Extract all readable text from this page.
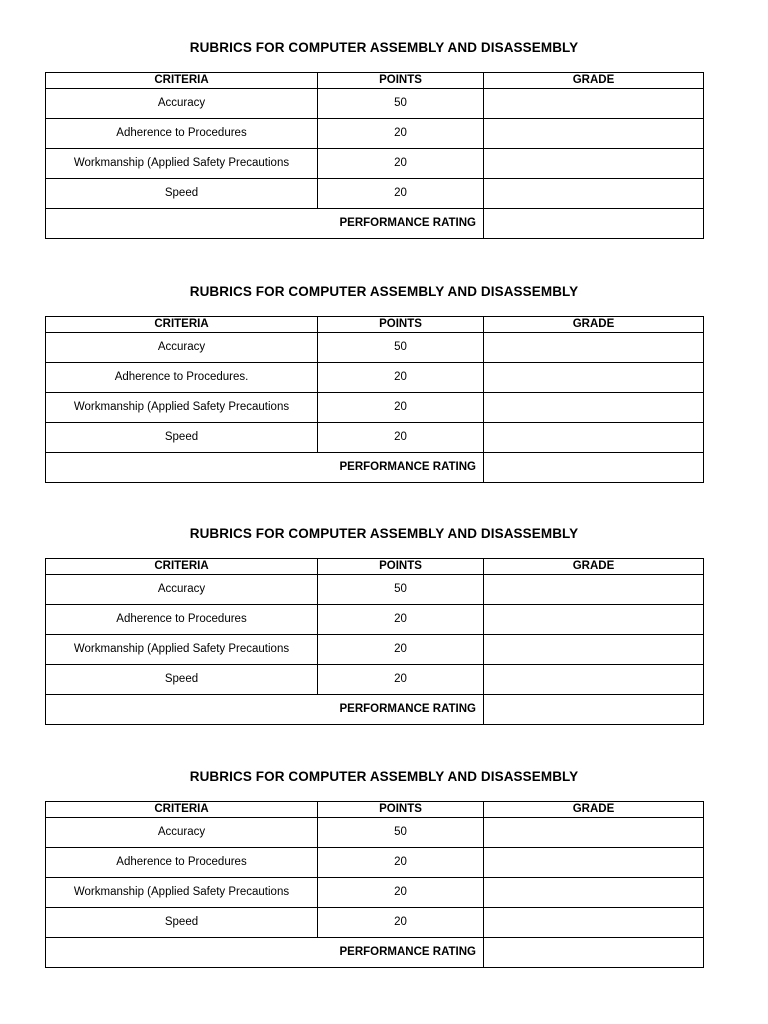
RUBRICS FOR COMPUTER ASSEMBLY AND DISASSEMBLY
CRITERIA	POINTS	GRADE
Accuracy	50	
Adherence to Procedures	20	
Workmanship (Applied Safety Precautions	20	
Speed	20	
PERFORMANCE RATING		
RUBRICS FOR COMPUTER ASSEMBLY AND DISASSEMBLY
CRITERIA	POINTS	GRADE
Accuracy	50	
Adherence to Procedures.	20	
Workmanship (Applied Safety Precautions	20	
Speed	20	
PERFORMANCE RATING		
RUBRICS FOR COMPUTER ASSEMBLY AND DISASSEMBLY
CRITERIA	POINTS	GRADE
Accuracy	50	
Adherence to Procedures	20	
Workmanship (Applied Safety Precautions	20	
Speed	20	
PERFORMANCE RATING		
RUBRICS FOR COMPUTER ASSEMBLY AND DISASSEMBLY
CRITERIA	POINTS	GRADE
Accuracy	50	
Adherence to Procedures	20	
Workmanship (Applied Safety Precautions	20	
Speed	20	
PERFORMANCE RATING		
